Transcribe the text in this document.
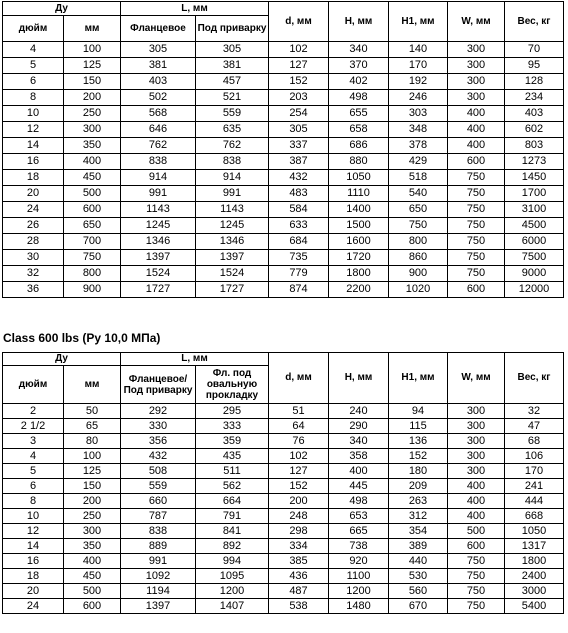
Ду		L, мм		d, мм	H, мм	H1, мм	W, мм	Вес, кг
дюйм	мм	Фланцевое	Под приварку					
4	100	305	305	102	340	140	300	70
5	125	381	381	127	370	170	300	95
6	150	403	457	152	402	192	300	128
8	200	502	521	203	498	246	300	234
10	250	568	559	254	655	303	400	403
12	300	646	635	305	658	348	400	602
14	350	762	762	337	686	378	400	803
16	400	838	838	387	880	429	600	1273
18	450	914	914	432	1050	518	750	1450
20	500	991	991	483	1110	540	750	1700
24	600	1143	1143	584	1400	650	750	3100
26	650	1245	1245	633	1500	750	750	4500
28	700	1346	1346	684	1600	800	750	6000
30	750	1397	1397	735	1720	860	750	7500
32	800	1524	1524	779	1800	900	750	9000
36	900	1727	1727	874	2200	1020	600	12000
Class 600 lbs (Py 10,0 МПа)
Ду		L, мм		d, мм	H, мм	H1, мм	W, мм	Вес, кг
дюйм	мм	Фланцевое/ Под приварку	Фл. под овальную прокладку					
2	50	292	295	51	240	94	300	32
2 1/2	65	330	333	64	290	115	300	47
3	80	356	359	76	340	136	300	68
4	100	432	435	102	358	152	300	106
5	125	508	511	127	400	180	300	170
6	150	559	562	152	445	209	400	241
8	200	660	664	200	498	263	400	444
10	250	787	791	248	653	312	400	668
12	300	838	841	298	665	354	500	1050
14	350	889	892	334	738	389	600	1317
16	400	991	994	385	920	440	750	1800
18	450	1092	1095	436	1100	530	750	2400
20	500	1194	1200	487	1200	560	750	3000
24	600	1397	1407	538	1480	670	750	5400
